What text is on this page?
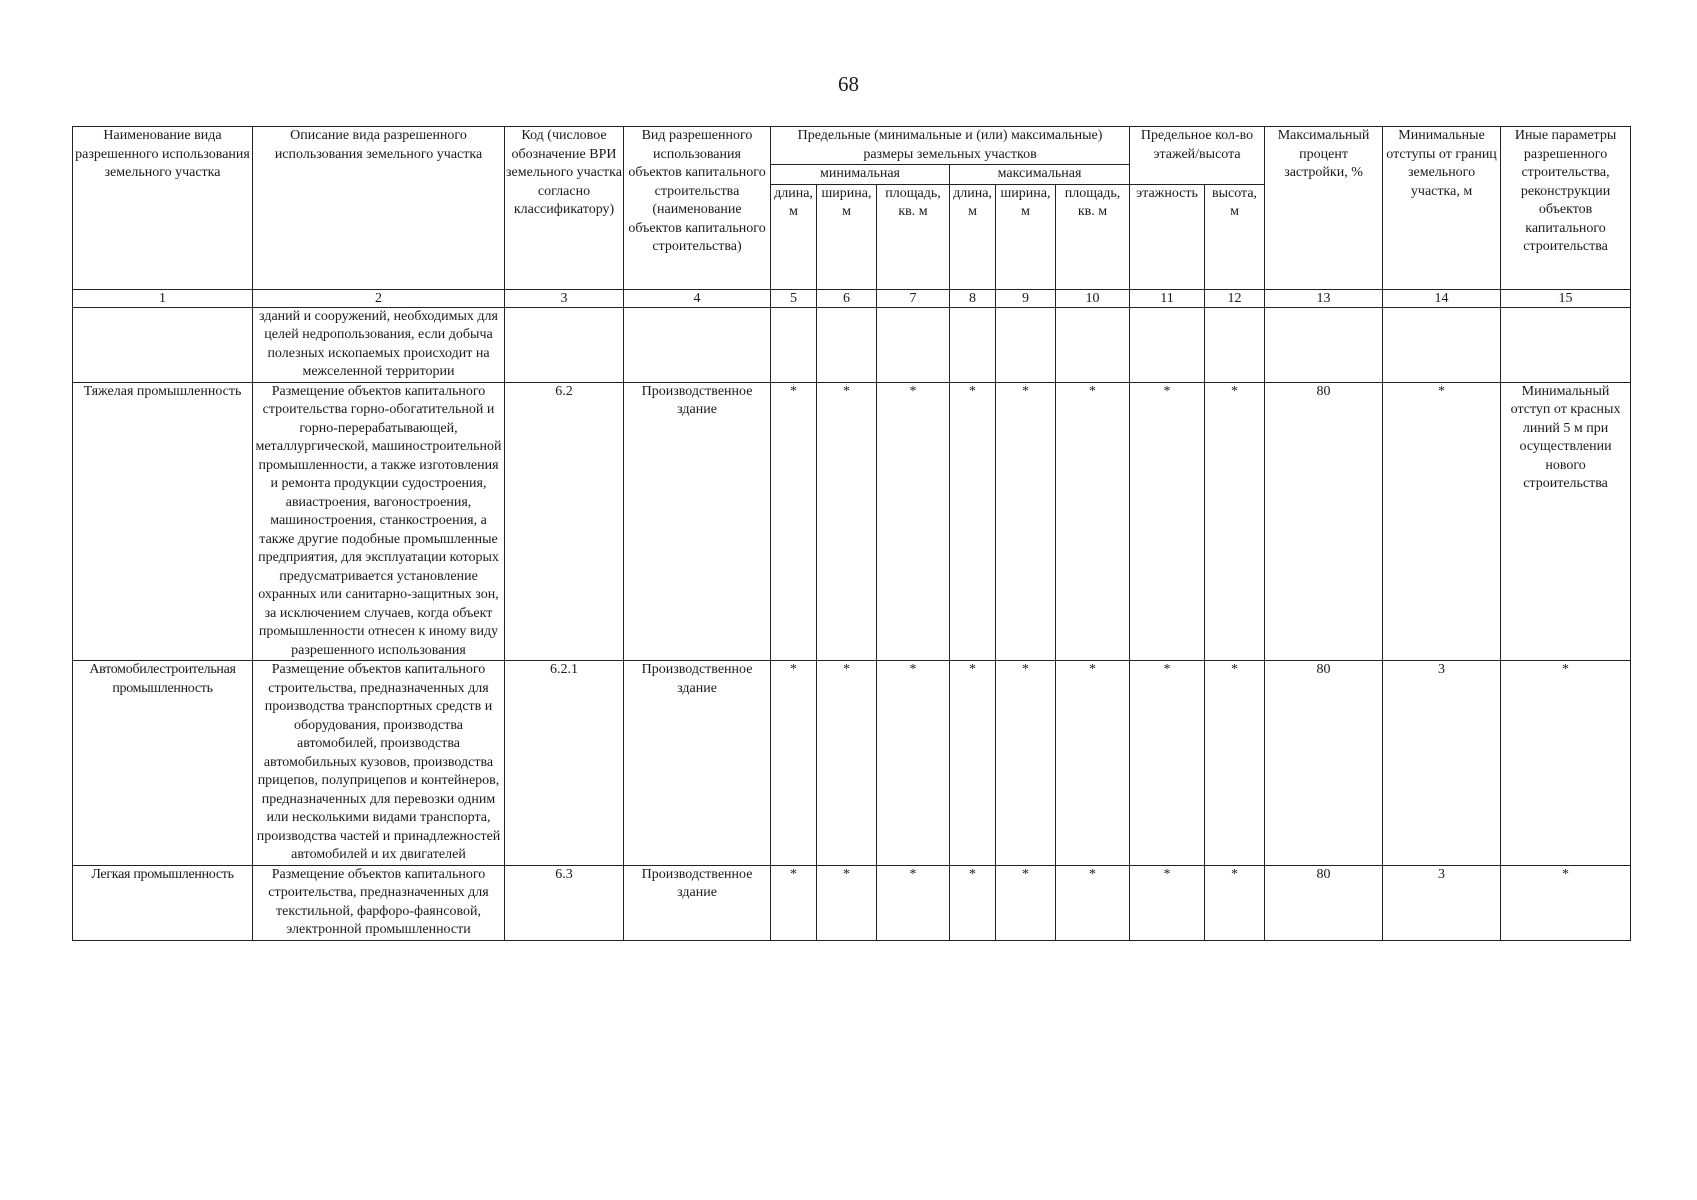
68
Наименование вида разрешенного использования земельного участка	Описание вида разрешенного использования земельного участка	Код (числовое обозначение ВРИ земельного участка согласно классификатору)	Вид разрешенного использования объектов капитального строительства (наименование объектов капитального строительства)	Предельные (минимальные и (или) максимальные) размеры земельных участков						Предельное кол-во этажей/высота		Максимальный процент застройки, %	Минимальные отступы от границ земельного участка, м	Иные параметры разрешенного строительства, реконструкции объектов капитального строительства
				минимальная			максимальная							
				длина, м	ширина, м	площадь, кв. м	длина, м	ширина, м	площадь, кв. м	этажность	высота, м			
1	2	3	4	5	6	7	8	9	10	11	12	13	14	15
	зданий и сооружений, необходимых для целей недропользования, если добыча полезных ископаемых происходит на межселенной территории													
Тяжелая промышленность	Размещение объектов капитального строительства горно-обогатительной и горно-перерабатывающей, металлургической, машиностроительной промышленности, а также изготовления и ремонта продукции судостроения, авиастроения, вагоностроения, машиностроения, станкостроения, а также другие подобные промышленные предприятия, для эксплуатации которых предусматривается установление охранных или санитарно-защитных зон, за исключением случаев, когда объект промышленности отнесен к иному виду разрешенного использования	6.2	Производственное здание	*	*	*	*	*	*	*	*	80	*	Минимальный отступ от красных линий 5 м при осуществлении нового строительства
Автомобилестроительная промышленность	Размещение объектов капитального строительства, предназначенных для производства транспортных средств и оборудования, производства автомобилей, производства автомобильных кузовов, производства прицепов, полуприцепов и контейнеров, предназначенных для перевозки одним или несколькими видами транспорта, производства частей и принадлежностей автомобилей и их двигателей	6.2.1	Производственное здание	*	*	*	*	*	*	*	*	80	3	*
Легкая промышленность	Размещение объектов капитального строительства, предназначенных для текстильной, фарфоро-фаянсовой, электронной промышленности	6.3	Производственное здание	*	*	*	*	*	*	*	*	80	3	*
